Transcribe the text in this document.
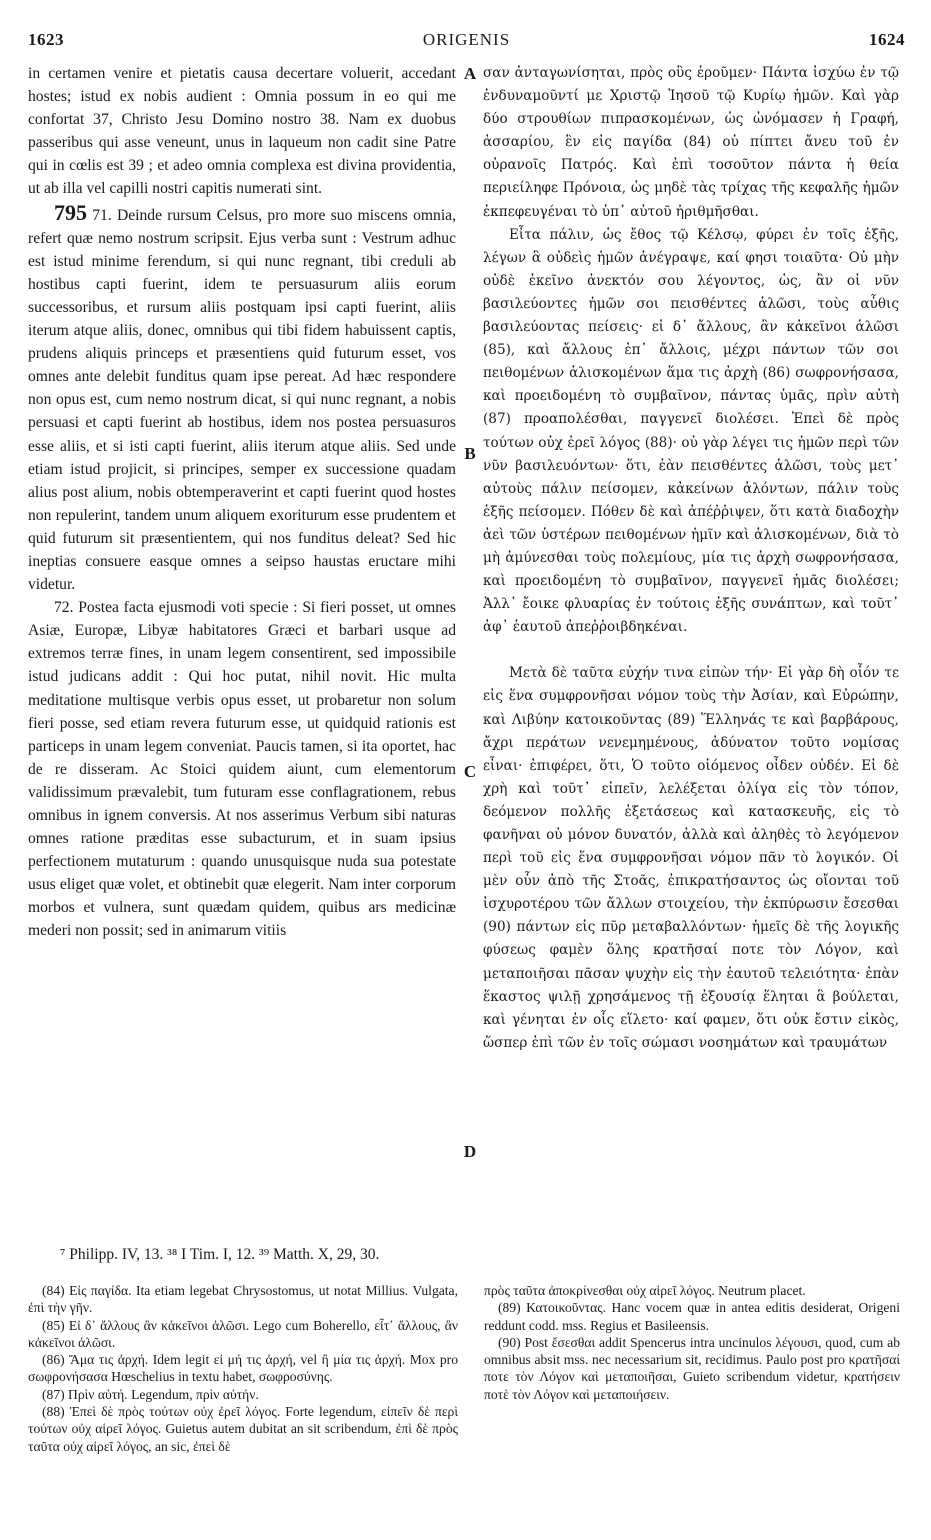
1623	ORIGENIS	1624

in certamen venire et pietatis causa decertare voluerit, accedant hostes; istud ex nobis audient : Omnia possum in eo qui me confortat 37, Christo Jesu Domino nostro 38. Nam ex duobus passeribus qui asse veneunt, unus in laqueum non cadit sine Patre qui in cœlis est 39 ; et adeo omnia complexa est divina providentia, ut ab illa vel capilli nostri capitis numerati sint.

795 71. Deinde rursum Celsus, pro more suo miscens omnia, refert quæ nemo nostrum scripsit. Ejus verba sunt : Vestrum adhuc est istud minime ferendum, si qui nunc regnant, tibi creduli ab hostibus capti fuerint, idem te persuasurum aliis eorum successoribus, et rursum aliis postquam ipsi capti fuerint, aliis iterum atque aliis, donec, omnibus qui tibi fidem habuissent captis, prudens aliquis princeps et præsentiens quid futurum esset, vos omnes ante delebit funditus quam ipse pereat. Ad hæc respondere non opus est, cum nemo nostrum dicat, si qui nunc regnant, a nobis persuasi et capti fuerint ab hostibus, idem nos postea persuasuros esse aliis, et si isti capti fuerint, aliis iterum atque aliis. Sed unde etiam istud projicit, si principes, semper ex successione quadam alius post alium, nobis obtemperaverint et capti fuerint quod hostes non repulerint, tandem unum aliquem exoriturum esse prudentem et quid futurum sit præsentientem, qui nos funditus deleat? Sed hic ineptias consuere easque omnes a seipso haustas eructare mihi videtur.

72. Postea facta ejusmodi voti specie : Si fieri posset, ut omnes Asiæ, Europæ, Libyæ habitatores Græci et barbari usque ad extremos terræ fines, in unam legem consentirent, sed impossibile istud judicans addit : Qui hoc putat, nihil novit. Hic multa meditatione multisque verbis opus esset, ut probaretur non solum fieri posse, sed etiam revera futurum esse, ut quidquid rationis est particeps in unam legem conveniat. Paucis tamen, si ita oportet, hac de re disseram. Ac Stoici quidem aiunt, cum elementorum validissimum prævalebit, tum futuram esse conflagrationem, rebus omnibus in ignem conversis. At nos asserimus Verbum sibi naturas omnes ratione præditas esse subacturum, et in suam ipsius perfectionem mutaturum : quando unusquisque nuda sua potestate usus eliget quæ volet, et obtinebit quæ elegerit. Nam inter corporum morbos et vulnera, sunt quædam quidem, quibus ars medicinæ mederi non possit; sed in animarum vitiis

A
B
C
D

σαν ἀνταγωνίσηται, πρὸς οὓς ἐροῦμεν· Πάντα ἰσχύω ἐν τῷ ἐνδυναμοῦντί με Χριστῷ Ἰησοῦ τῷ Κυρίῳ ἡμῶν. Καὶ γὰρ δύο στρουθίων πιπρασκομένων, ὡς ὠνόμασεν ἡ Γραφή, ἀσσαρίου, ἓν εἰς παγίδα (84) οὐ πίπτει ἄνευ τοῦ ἐν οὐρανοῖς Πατρός. Καὶ ἐπὶ τοσοῦτον πάντα ἡ θεία περιείληφε Πρόνοια, ὡς μηδὲ τὰς τρίχας τῆς κεφαλῆς ἡμῶν ἐκπεφευγέναι τὸ ὑπ᾽ αὐτοῦ ἠριθμῆσθαι.

Εἶτα πάλιν, ὡς ἔθος τῷ Κέλσῳ, φύρει ἐν τοῖς ἑξῆς, λέγων ἃ οὐδεὶς ἡμῶν ἀνέγραψε, καί φησι τοιαῦτα· Οὐ μὴν οὐδὲ ἐκεῖνο ἀνεκτόν σου λέγοντος, ὡς, ἂν οἱ νῦν βασιλεύοντες ἡμῶν σοι πεισθέντες ἁλῶσι, τοὺς αὖθις βασιλεύοντας πείσεις· εἰ δ᾽ ἄλλους, ἂν κἀκεῖνοι ἁλῶσι (85), καὶ ἄλλους ἐπ᾽ ἄλλοις, μέχρι πάντων τῶν σοι πειθομένων ἁλισκομένων ἅμα τις ἀρχὴ (86) σωφρονήσασα, καὶ προειδομένη τὸ συμβαῖνον, πάντας ὑμᾶς, πρὶν αὐτὴ (87) προαπολέσθαι, παγγενεῖ διολέσει. Ἐπεὶ δὲ πρὸς τούτων οὐχ ἐρεῖ λόγος (88)· οὐ γὰρ λέγει τις ἡμῶν περὶ τῶν νῦν βασιλευόντων· ὅτι, ἐὰν πεισθέντες ἁλῶσι, τοὺς μετ᾽ αὐτοὺς πάλιν πείσομεν, κἀκείνων ἁλόντων, πάλιν τοὺς ἑξῆς πείσομεν. Πόθεν δὲ καὶ ἀπέῤῥιψεν, ὅτι κατὰ διαδοχὴν ἀεὶ τῶν ὑστέρων πειθομένων ἡμῖν καὶ ἁλισκομένων, διὰ τὸ μὴ ἀμύνεσθαι τοὺς πολεμίους, μία τις ἀρχὴ σωφρονήσασα, καὶ προειδομένη τὸ συμβαῖνον, παγγενεῖ ἡμᾶς διολέσει; Ἀλλ᾽ ἔοικε φλυαρίας ἐν τούτοις ἑξῆς συνάπτων, καὶ τοῦτ᾽ ἀφ᾽ ἑαυτοῦ ἀπεῤῥοιβδηκέναι.

Μετὰ δὲ ταῦτα εὐχήν τινα εἰπὼν τήν· Εἰ γὰρ δὴ οἷόν τε εἰς ἕνα συμφρονῆσαι νόμον τοὺς τὴν Ἀσίαν, καὶ Εὐρώπην, καὶ Λιβύην κατοικοῦντας (89) Ἕλληνάς τε καὶ βαρβάρους, ἄχρι περάτων νενεμημένους, ἀδύνατον τοῦτο νομίσας εἶναι· ἐπιφέρει, ὅτι, Ὁ τοῦτο οἰόμενος οἶδεν οὐδέν. Εἰ δὲ χρὴ καὶ τοῦτ᾽ εἰπεῖν, λελέξεται ὀλίγα εἰς τὸν τόπον, δεόμενον πολλῆς ἐξετάσεως καὶ κατασκευῆς, εἰς τὸ φανῆναι οὐ μόνον δυνατόν, ἀλλὰ καὶ ἀληθὲς τὸ λεγόμενον περὶ τοῦ εἰς ἕνα συμφρονῆσαι νόμον πᾶν τὸ λογικόν. Οἱ μὲν οὖν ἀπὸ τῆς Στοᾶς, ἐπικρατήσαντος ὡς οἴονται τοῦ ἰσχυροτέρου τῶν ἄλλων στοιχείου, τὴν ἐκπύρωσιν ἔσεσθαι (90) πάντων εἰς πῦρ μεταβαλλόντων· ἡμεῖς δὲ τῆς λογικῆς φύσεως φαμὲν ὅλης κρατῆσαί ποτε τὸν Λόγον, καὶ μεταποιῆσαι πᾶσαν ψυχὴν εἰς τὴν ἑαυτοῦ τελειότητα· ἐπὰν ἕκαστος ψιλῇ χρησάμενος τῇ ἐξουσίᾳ ἕληται ἃ βούλεται, καὶ γένηται ἐν οἷς εἵλετο· καί φαμεν, ὅτι οὐκ ἔστιν εἰκὸς, ὥσπερ ἐπὶ τῶν ἐν τοῖς σώμασι νοσημάτων καὶ τραυμάτων

⁷ Philipp. IV, 13. ³⁸ I Tim. I, 12. ³⁹ Matth. X, 29, 30.

(84) Εἰς παγίδα. Ita etiam legebat Chrysostomus, ut notat Millius. Vulgata, ἐπὶ τὴν γῆν.

(85) Εἰ δ᾽ ἄλλους ἂν κἀκεῖνοι ἁλῶσι. Lego cum Boherello, εἶτ᾽ ἄλλους, ἂν κἀκεῖνοι ἁλῶσι.

(86) Ἅμα τις ἀρχή. Idem legit εἰ μή τις ἀρχή, vel ἢ μία τις ἀρχή. Mox pro σωφρονήσασα Hœschelius in textu habet, σωφροσύνης.

(87) Πρὶν αὐτή. Legendum, πρὶν αὐτήν.

(88) Ἐπεὶ δὲ πρὸς τούτων οὐχ ἐρεῖ λόγος. Forte legendum, εἰπεῖν δὲ περὶ τούτων οὐχ αἱρεῖ λόγος. Guietus autem dubitat an sit scribendum, ἐπὶ δὲ πρὸς ταῦτα οὐχ αἱρεῖ λόγος, an sic, ἐπεὶ δὲ

πρὸς ταῦτα ἀποκρίνεσθαι οὐχ αἱρεῖ λόγος. Neutrum placet.

(89) Κατοικοῦντας. Hanc vocem quæ in antea editis desiderat, Origeni reddunt codd. mss. Regius et Basileensis.

(90) Post ἔσεσθαι addit Spencerus intra uncinulos λέγουσι, quod, cum ab omnibus absit mss. nec necessarium sit, recidimus. Paulo post pro κρατῆσαί ποτε τὸν Λόγον καὶ μεταποιῆσαι, Guieto scribendum videtur, κρατήσειν ποτὲ τὸν Λόγον καὶ μεταποιήσειν.
